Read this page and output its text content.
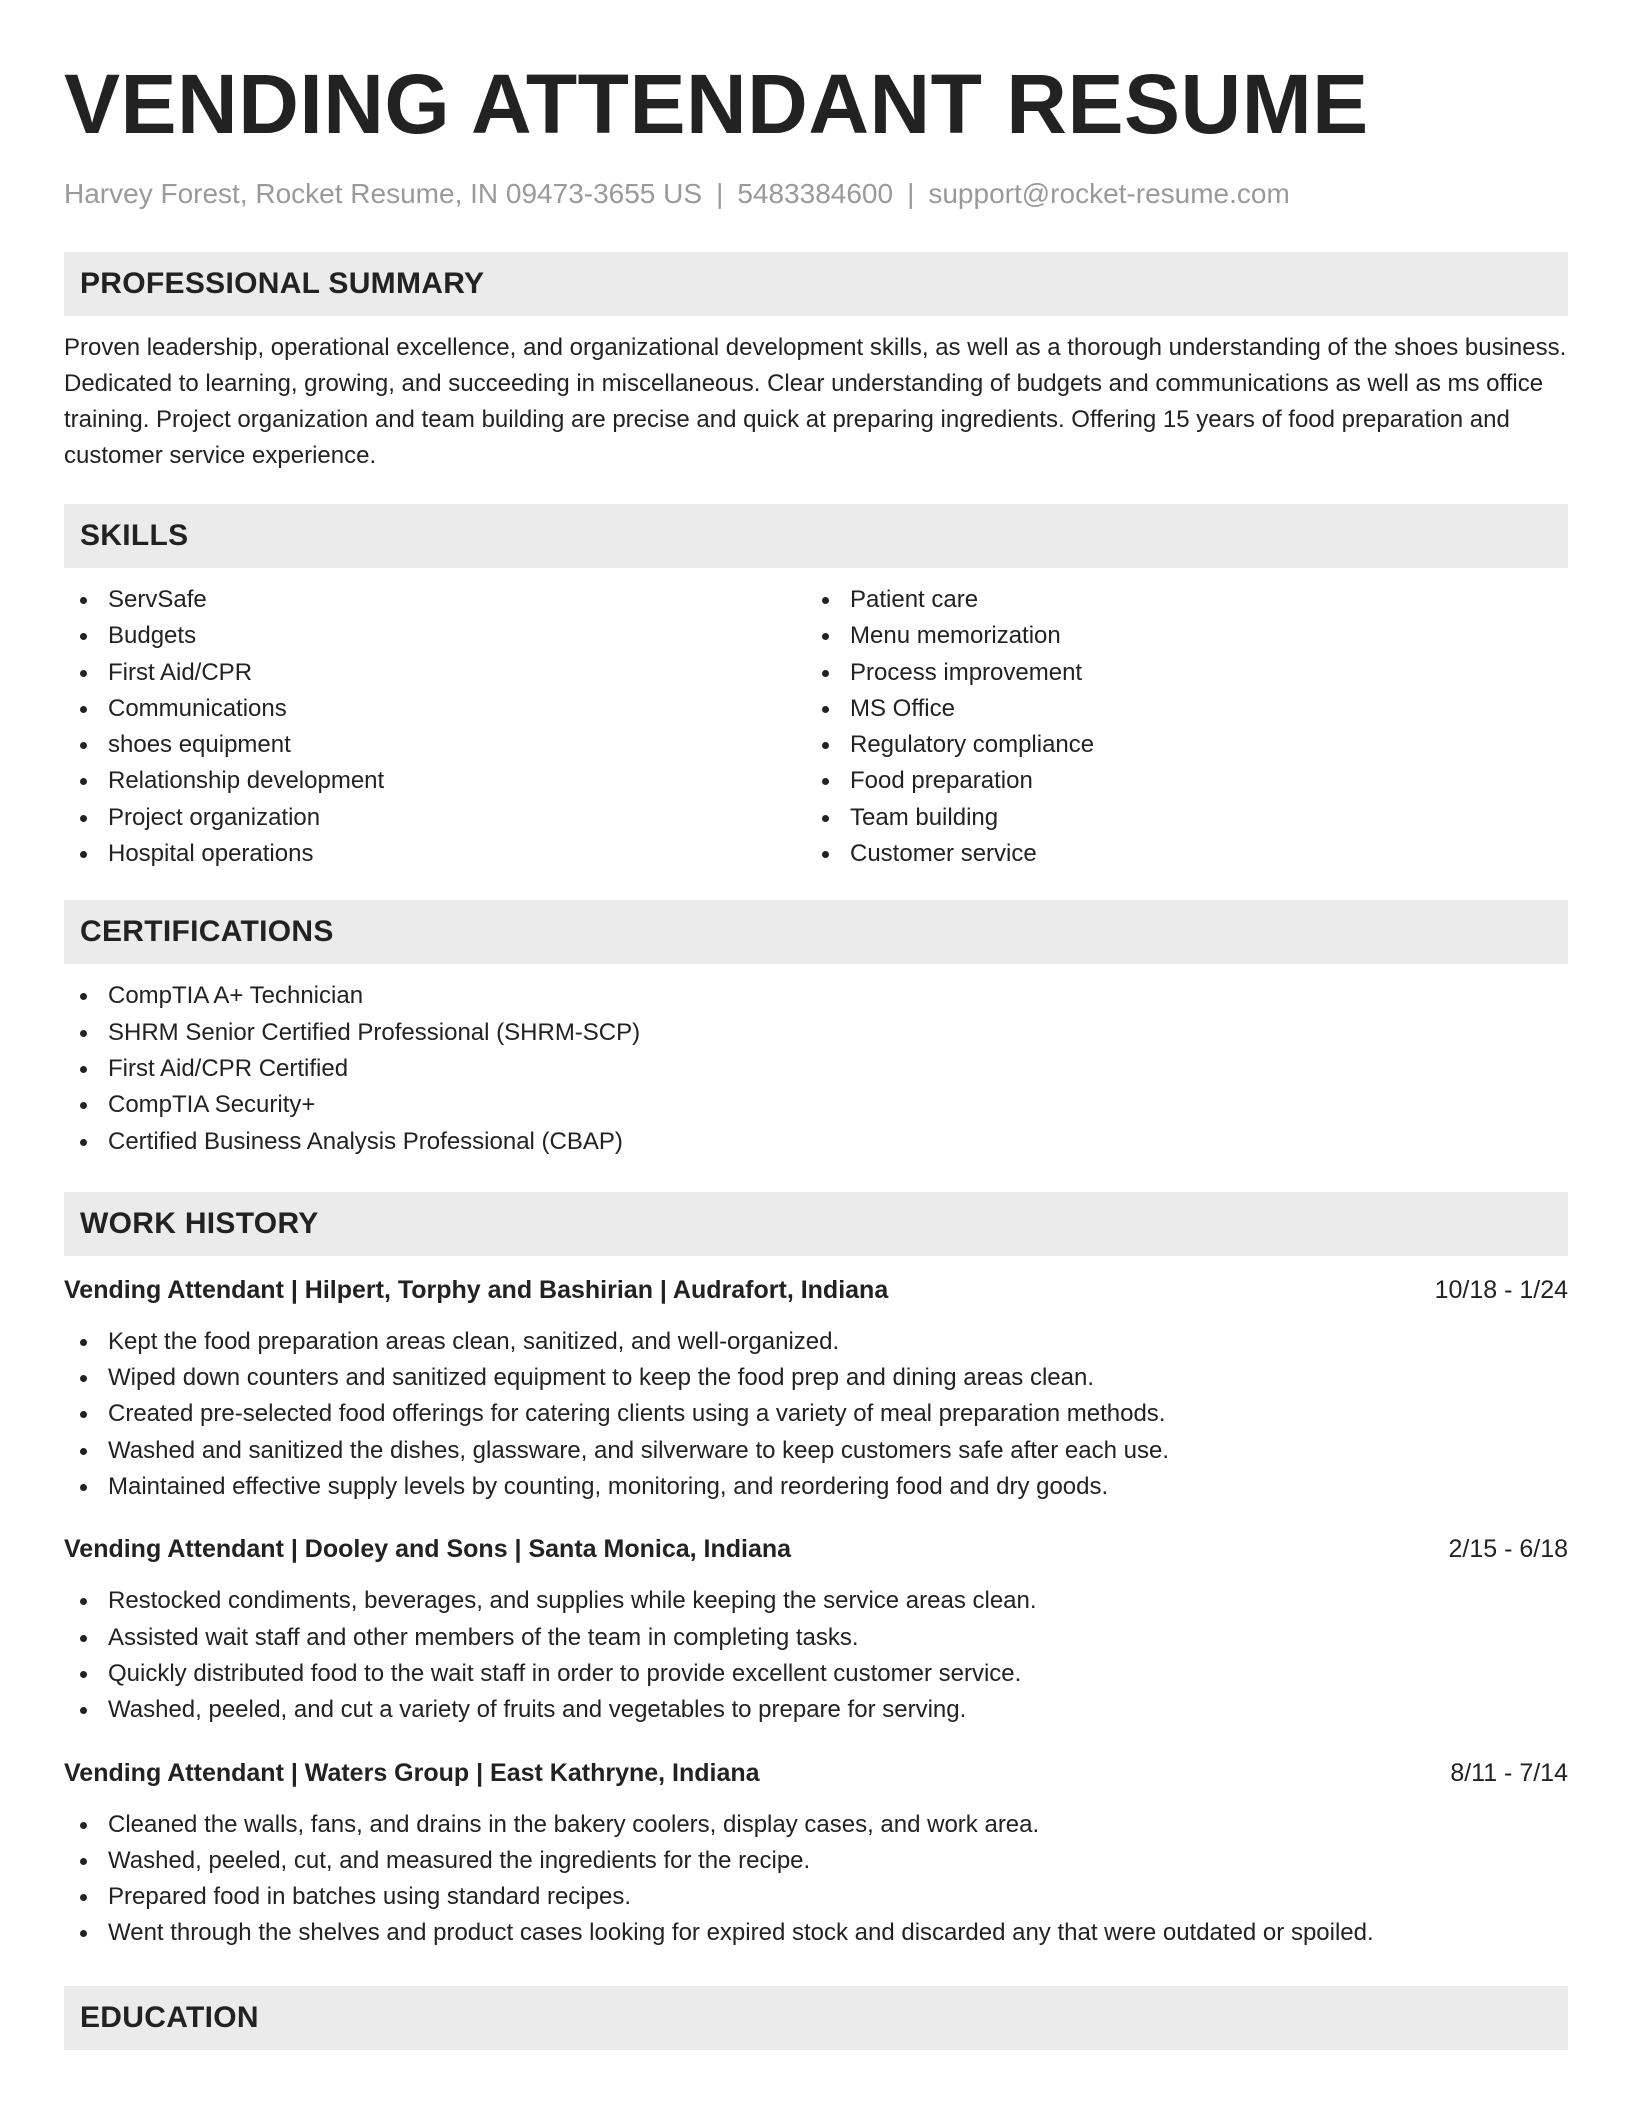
VENDING ATTENDANT RESUME
Harvey Forest, Rocket Resume, IN 09473-3655 US | 5483384600 | support@rocket-resume.com
PROFESSIONAL SUMMARY

Proven leadership, operational excellence, and organizational development skills, as well as a thorough understanding of the shoes business. Dedicated to learning, growing, and succeeding in miscellaneous. Clear understanding of budgets and communications as well as ms office training. Project organization and team building are precise and quick at preparing ingredients. Offering 15 years of food preparation and customer service experience.

SKILLS
ServSafe
Budgets
First Aid/CPR
Communications
shoes equipment
Relationship development
Project organization
Hospital operations
Patient care
Menu memorization
Process improvement
MS Office
Regulatory compliance
Food preparation
Team building
Customer service
CERTIFICATIONS
CompTIA A+ Technician
SHRM Senior Certified Professional (SHRM-SCP)
First Aid/CPR Certified
CompTIA Security+
Certified Business Analysis Professional (CBAP)
WORK HISTORY
Vending Attendant | Hilpert, Torphy and Bashirian | Audrafort, Indiana	10/18 - 1/24
Kept the food preparation areas clean, sanitized, and well-organized.
Wiped down counters and sanitized equipment to keep the food prep and dining areas clean.
Created pre-selected food offerings for catering clients using a variety of meal preparation methods.
Washed and sanitized the dishes, glassware, and silverware to keep customers safe after each use.
Maintained effective supply levels by counting, monitoring, and reordering food and dry goods.
Vending Attendant | Dooley and Sons | Santa Monica, Indiana	2/15 - 6/18
Restocked condiments, beverages, and supplies while keeping the service areas clean.
Assisted wait staff and other members of the team in completing tasks.
Quickly distributed food to the wait staff in order to provide excellent customer service.
Washed, peeled, and cut a variety of fruits and vegetables to prepare for serving.
Vending Attendant | Waters Group | East Kathryne, Indiana	8/11 - 7/14
Cleaned the walls, fans, and drains in the bakery coolers, display cases, and work area.
Washed, peeled, cut, and measured the ingredients for the recipe.
Prepared food in batches using standard recipes.
Went through the shelves and product cases looking for expired stock and discarded any that were outdated or spoiled.
EDUCATION
